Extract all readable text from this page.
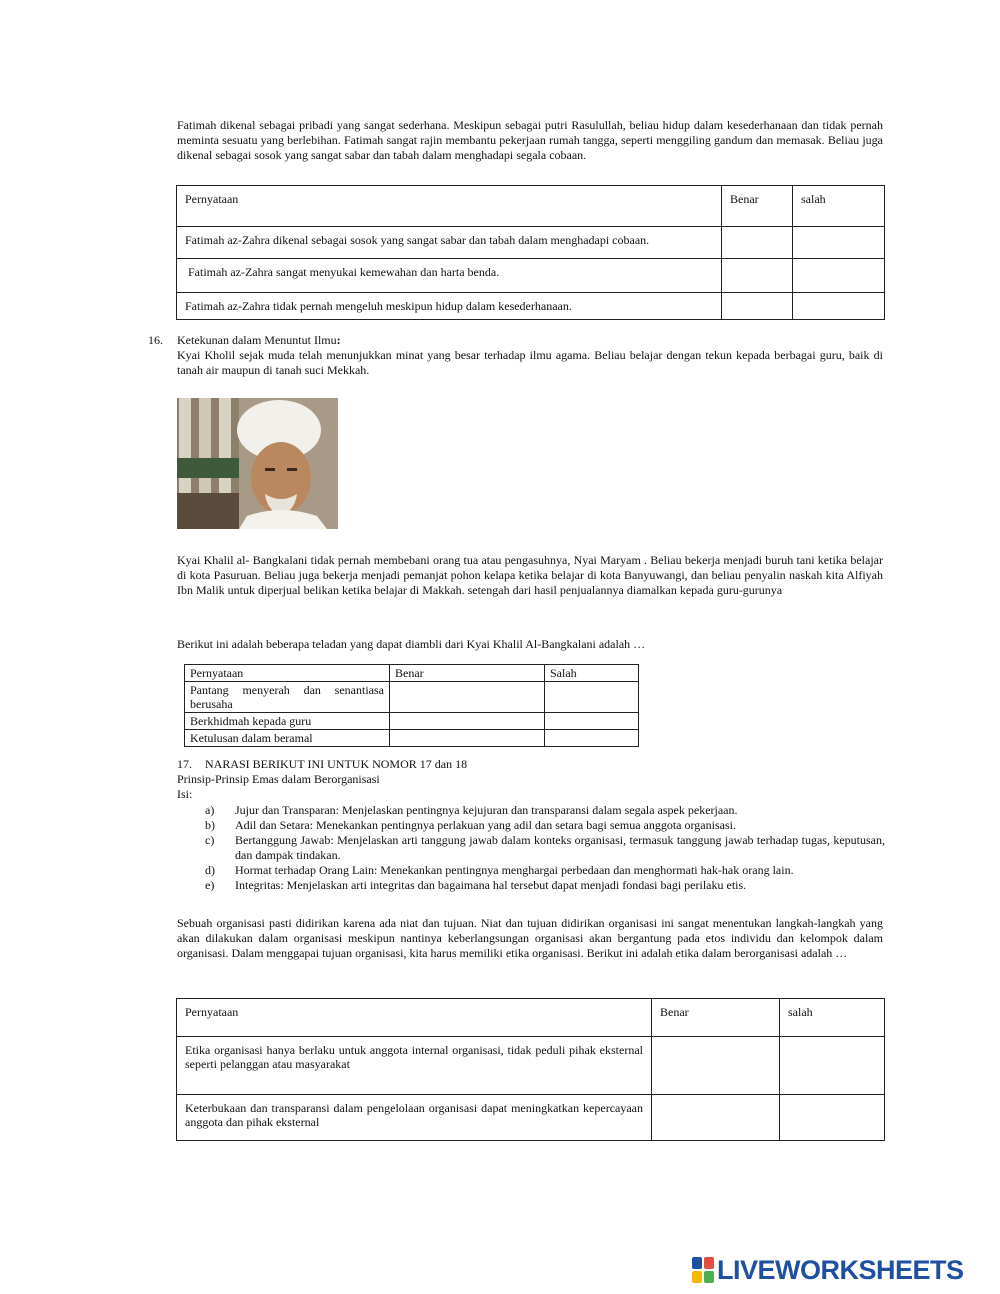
Fatimah dikenal sebagai pribadi yang sangat sederhana. Meskipun sebagai putri Rasulullah, beliau hidup dalam kesederhanaan dan tidak pernah meminta sesuatu yang berlebihan. Fatimah sangat rajin membantu pekerjaan rumah tangga, seperti menggiling gandum dan memasak. Beliau juga dikenal sebagai sosok yang sangat sabar dan tabah dalam menghadapi segala cobaan.

Pernyataan	Benar	salah
Fatimah az-Zahra dikenal sebagai sosok yang sangat sabar dan tabah dalam menghadapi cobaan.		
Fatimah az-Zahra sangat menyukai kemewahan dan harta benda.		
Fatimah az-Zahra tidak pernah mengeluh meskipun hidup dalam kesederhanaan.		
16. Ketekunan dalam Menuntut Ilmu:

Kyai Kholil sejak muda telah menunjukkan minat yang besar terhadap ilmu agama. Beliau belajar dengan tekun kepada berbagai guru, baik di tanah air maupun di tanah suci Mekkah.

Kyai Khalil al- Bangkalani tidak pernah membebani orang tua atau pengasuhnya, Nyai Maryam . Beliau bekerja menjadi buruh tani ketika belajar di kota Pasuruan. Beliau juga bekerja menjadi pemanjat pohon kelapa ketika belajar di kota Banyuwangi, dan beliau penyalin naskah kita Alfiyah Ibn Malik untuk diperjual belikan ketika belajar di Makkah. setengah dari hasil penjualannya diamalkan kepada guru-gurunya

Berikut ini adalah beberapa teladan yang dapat diambli dari Kyai Khalil Al-Bangkalani adalah …

Pernyataan	Benar	Salah
Pantang menyerah dan senantiasa berusaha		
Berkhidmah kepada guru		
Ketulusan dalam beramal		

17. NARASI BERIKUT INI UNTUK NOMOR 17 dan 18

Prinsip-Prinsip Emas dalam Berorganisasi

Isi:

a) Jujur dan Transparan: Menjelaskan pentingnya kejujuran dan transparansi dalam segala aspek pekerjaan.
b) Adil dan Setara: Menekankan pentingnya perlakuan yang adil dan setara bagi semua anggota organisasi.
c) Bertanggung Jawab: Menjelaskan arti tanggung jawab dalam konteks organisasi, termasuk tanggung jawab terhadap tugas, keputusan, dan dampak tindakan.
d) Hormat terhadap Orang Lain: Menekankan pentingnya menghargai perbedaan dan menghormati hak-hak orang lain.
e) Integritas: Menjelaskan arti integritas dan bagaimana hal tersebut dapat menjadi fondasi bagi perilaku etis.

Sebuah organisasi pasti didirikan karena ada niat dan tujuan. Niat dan tujuan didirikan organisasi ini sangat menentukan langkah-langkah yang akan dilakukan dalam organisasi meskipun nantinya keberlangsungan organisasi akan bergantung pada etos individu dan kelompok dalam organisasi. Dalam menggapai tujuan organisasi, kita harus memiliki etika organisasi. Berikut ini adalah etika dalam berorganisasi adalah …

Pernyataan	Benar	salah
Etika organisasi hanya berlaku untuk anggota internal organisasi, tidak peduli pihak eksternal seperti pelanggan atau masyarakat		
Keterbukaan dan transparansi dalam pengelolaan organisasi dapat meningkatkan kepercayaan anggota dan pihak eksternal		
LIVEWORKSHEETS
